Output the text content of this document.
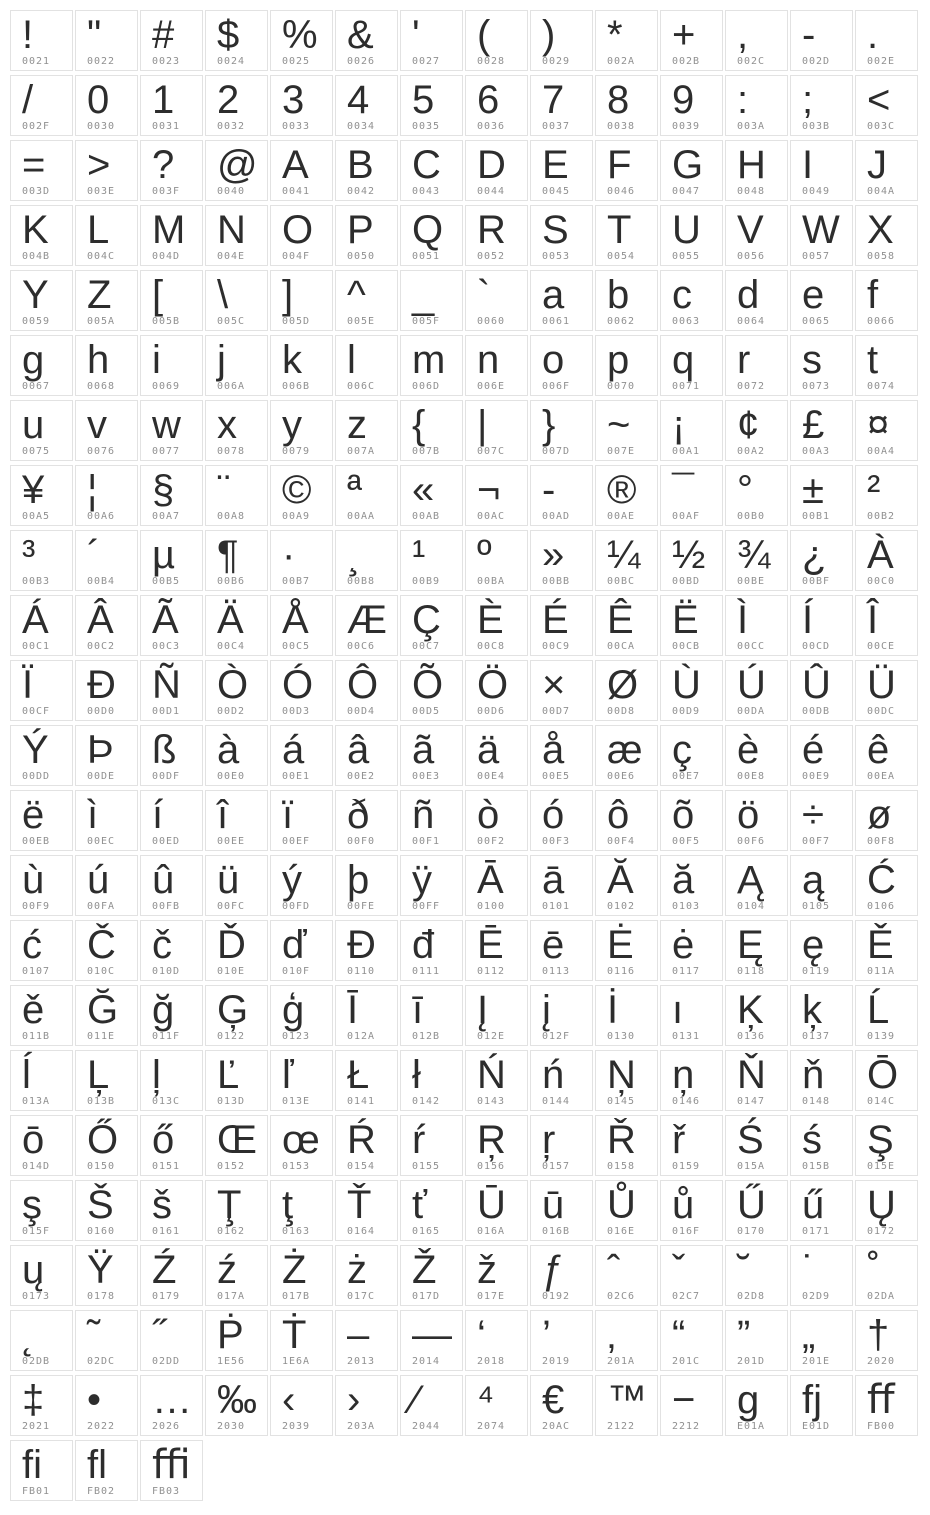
!
0021
"
0022
#
0023
$
0024
%
0025
&
0026
'
0027
(
0028
)
0029
*
002A
+
002B
,
002C
-
002D
.
002E
/
002F
0
0030
1
0031
2
0032
3
0033
4
0034
5
0035
6
0036
7
0037
8
0038
9
0039
:
003A
;
003B
<
003C
=
003D
>
003E
?
003F
@
0040
A
0041
B
0042
C
0043
D
0044
E
0045
F
0046
G
0047
H
0048
I
0049
J
004A
K
004B
L
004C
M
004D
N
004E
O
004F
P
0050
Q
0051
R
0052
S
0053
T
0054
U
0055
V
0056
W
0057
X
0058
Y
0059
Z
005A
[
005B
\
005C
]
005D
^
005E
_
005F
`
0060
a
0061
b
0062
c
0063
d
0064
e
0065
f
0066
g
0067
h
0068
i
0069
j
006A
k
006B
l
006C
m
006D
n
006E
o
006F
p
0070
q
0071
r
0072
s
0073
t
0074
u
0075
v
0076
w
0077
x
0078
y
0079
z
007A
{
007B
|
007C
}
007D
~
007E
¡
00A1
¢
00A2
£
00A3
¤
00A4
¥
00A5
¦
00A6
§
00A7
¨
00A8
©
00A9
ª
00AA
«
00AB
¬
00AC
-
00AD
®
00AE
¯
00AF
°
00B0
±
00B1
²
00B2
³
00B3
´
00B4
µ
00B5
¶
00B6
·
00B7
¸
00B8
¹
00B9
º
00BA
»
00BB
¼
00BC
½
00BD
¾
00BE
¿
00BF
À
00C0
Á
00C1
Â
00C2
Ã
00C3
Ä
00C4
Å
00C5
Æ
00C6
Ç
00C7
È
00C8
É
00C9
Ê
00CA
Ë
00CB
Ì
00CC
Í
00CD
Î
00CE
Ï
00CF
Ð
00D0
Ñ
00D1
Ò
00D2
Ó
00D3
Ô
00D4
Õ
00D5
Ö
00D6
×
00D7
Ø
00D8
Ù
00D9
Ú
00DA
Û
00DB
Ü
00DC
Ý
00DD
Þ
00DE
ß
00DF
à
00E0
á
00E1
â
00E2
ã
00E3
ä
00E4
å
00E5
æ
00E6
ç
00E7
è
00E8
é
00E9
ê
00EA
ë
00EB
ì
00EC
í
00ED
î
00EE
ï
00EF
ð
00F0
ñ
00F1
ò
00F2
ó
00F3
ô
00F4
õ
00F5
ö
00F6
÷
00F7
ø
00F8
ù
00F9
ú
00FA
û
00FB
ü
00FC
ý
00FD
þ
00FE
ÿ
00FF
Ā
0100
ā
0101
Ă
0102
ă
0103
Ą
0104
ą
0105
Ć
0106
ć
0107
Č
010C
č
010D
Ď
010E
ď
010F
Đ
0110
đ
0111
Ē
0112
ē
0113
Ė
0116
ė
0117
Ę
0118
ę
0119
Ě
011A
ě
011B
Ğ
011E
ğ
011F
Ģ
0122
ģ
0123
Ī
012A
ī
012B
Į
012E
į
012F
İ
0130
ı
0131
Ķ
0136
ķ
0137
Ĺ
0139
ĺ
013A
Ļ
013B
ļ
013C
Ľ
013D
ľ
013E
Ł
0141
ł
0142
Ń
0143
ń
0144
Ņ
0145
ņ
0146
Ň
0147
ň
0148
Ō
014C
ō
014D
Ő
0150
ő
0151
Œ
0152
œ
0153
Ŕ
0154
ŕ
0155
Ŗ
0156
ŗ
0157
Ř
0158
ř
0159
Ś
015A
ś
015B
Ş
015E
ş
015F
Š
0160
š
0161
Ţ
0162
ţ
0163
Ť
0164
ť
0165
Ū
016A
ū
016B
Ů
016E
ů
016F
Ű
0170
ű
0171
Ų
0172
ų
0173
Ÿ
0178
Ź
0179
ź
017A
Ż
017B
ż
017C
Ž
017D
ž
017E
ƒ
0192
ˆ
02C6
ˇ
02C7
˘
02D8
˙
02D9
˚
02DA
˛
02DB
˜
02DC
˝
02DD
Ṗ
1E56
Ṫ
1E6A
–
2013
—
2014
‘
2018
’
2019
‚
201A
“
201C
”
201D
„
201E
†
2020
‡
2021
•
2022
…
2026
‰
2030
‹
2039
›
203A
⁄
2044
⁴
2074
€
20AC
™
2122
−
2212
g
E01A
fj
E01D
ﬀ
FB00
ﬁ
FB01
ﬂ
FB02
ﬃ
FB03
